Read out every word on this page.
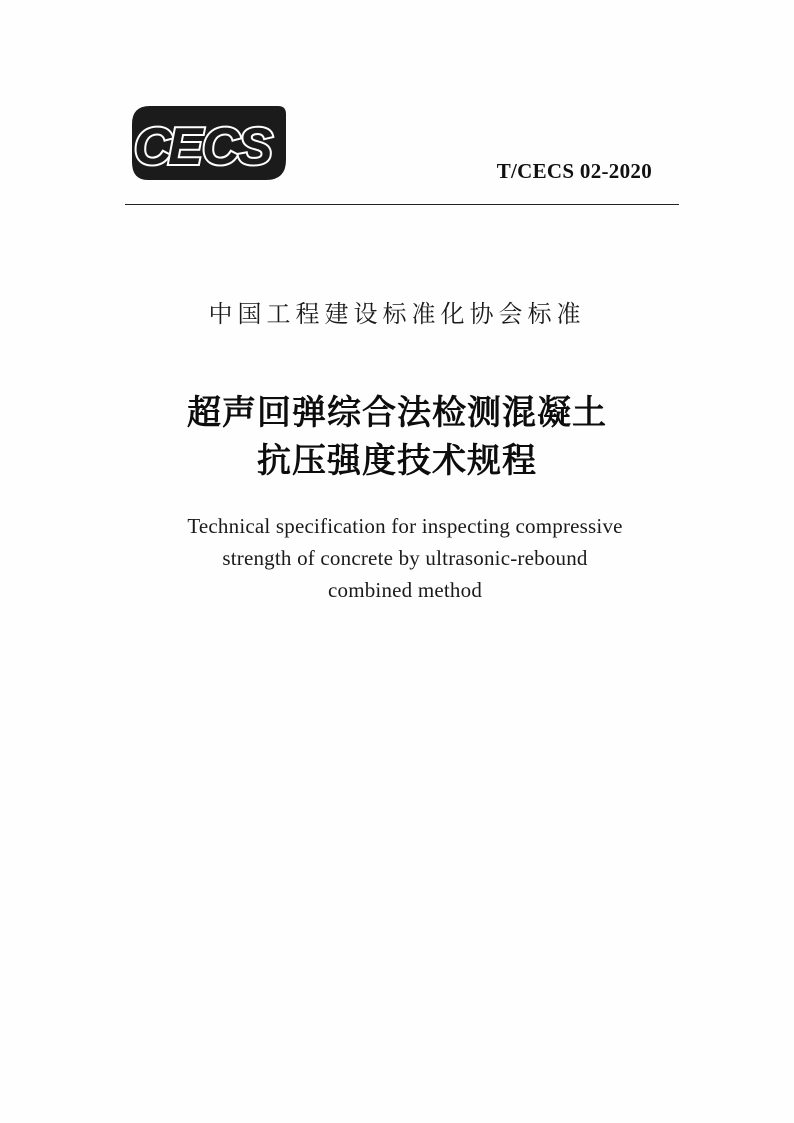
C
E C
S	T/CECS 02-2020
中国工程建设标准化协会标准
超声回弹综合法检测混凝土
抗压强度技术规程
Technical specification for inspecting compressive
strength of concrete by ultrasonic-rebound
combined method
